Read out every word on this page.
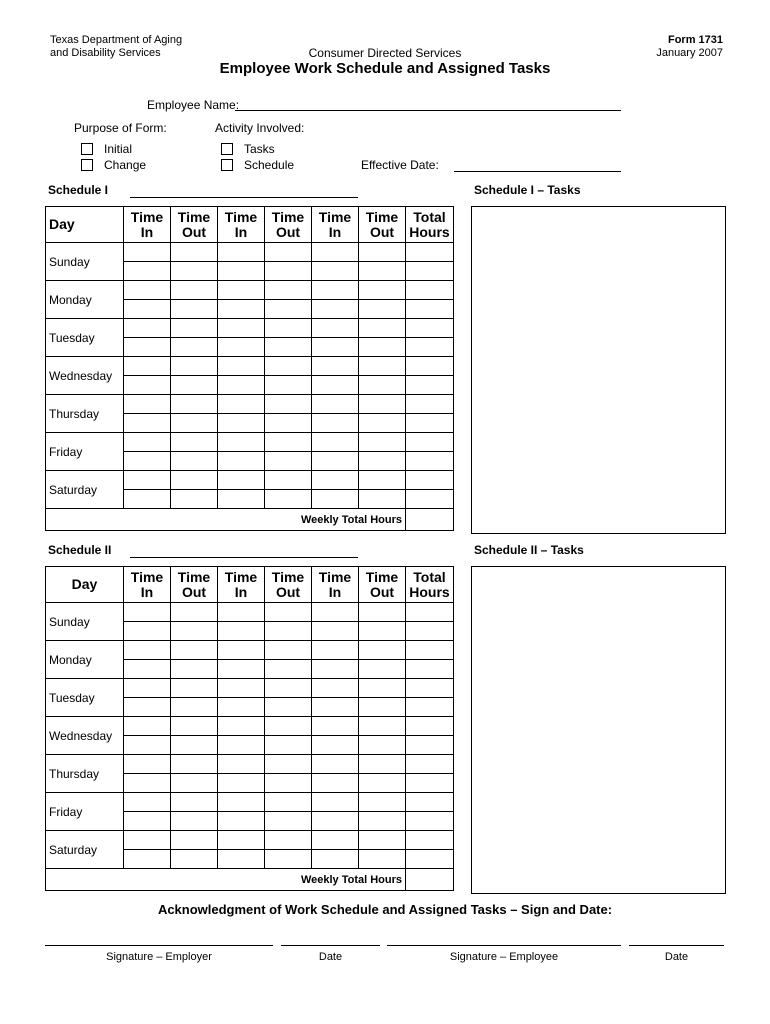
Texas Department of Aging
and Disability Services
Form 1731
January 2007
Consumer Directed Services
Employee Work Schedule and Assigned Tasks
Employee Name:
Purpose of Form:	Activity Involved:
Initial
Change
Tasks
Schedule	Effective Date:
Schedule I	Schedule I – Tasks
Day	Time In	Time Out	Time In	Time Out	Time In	Time Out	Total Hours
Sunday							

Monday							

Tuesday							

Wednesday							

Thursday							

Friday							

Saturday							

Weekly Total Hours							
Schedule II	Schedule II – Tasks
Day	Time In	Time Out	Time In	Time Out	Time In	Time Out	Total Hours
Sunday							

Monday							

Tuesday							

Wednesday							

Thursday							

Friday							

Saturday							

Weekly Total Hours							
Acknowledgment of Work Schedule and Assigned Tasks – Sign and Date:
Signature – Employer	Date	Signature – Employee	Date
